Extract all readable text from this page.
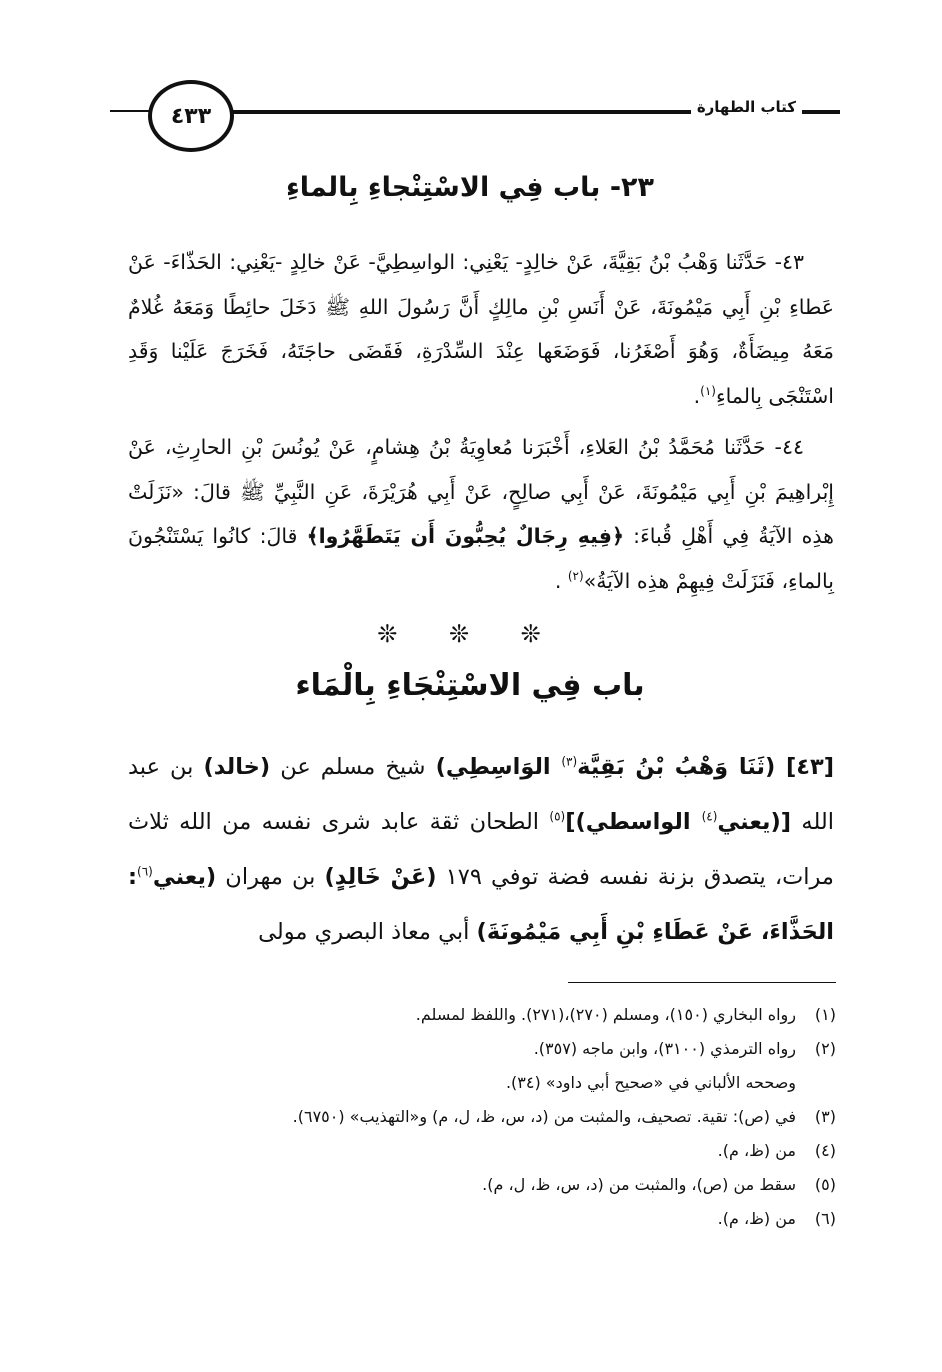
كتاب الطهارة
٤٣٣
٢٣- باب فِي الاسْتِنْجاءِ بِالماءِ
٤٣- حَدَّثَنا وَهْبُ بْنُ بَقِيَّةَ، عَنْ خالِدٍ- يَعْنِي: الواسِطِيَّ- عَنْ خالِدٍ -يَعْنِي: الحَذّاءَ- عَنْ عَطاءِ بْنِ أَبِي مَيْمُونَةَ، عَنْ أَنَسِ بْنِ مالِكٍ أَنَّ رَسُولَ اللهِ ﷺ دَخَلَ حائِطًا وَمَعَهُ غُلامٌ مَعَهُ مِيضَأَةٌ، وَهُوَ أَصْغَرُنا، فَوَضَعَها عِنْدَ السِّدْرَةِ، فَقَضَى حاجَتَهُ، فَخَرَجَ عَلَيْنا وَقَدِ اسْتَنْجَى بِالماءِ$^{(١)}$.
٤٤- حَدَّثَنا مُحَمَّدُ بْنُ العَلاءِ، أَخْبَرَنا مُعاوِيَةُ بْنُ هِشامٍ، عَنْ يُونُسَ بْنِ الحارِثِ، عَنْ إِبْراهِيمَ بْنِ أَبِي مَيْمُونَةَ، عَنْ أَبِي صالِحٍ، عَنْ أَبِي هُرَيْرَةَ، عَنِ النَّبِيِّ ﷺ قالَ: «نَزَلَتْ هذِه الآيَةُ فِي أَهْلِ قُباءَ: ﴿فِيهِ رِجَالٌ يُحِبُّونَ أَن يَتَطَهَّرُوا﴾ قالَ: كانُوا يَسْتَنْجُونَ بِالماءِ، فَنَزَلَتْ فِيهِمْ هذِه الآيَةُ»$^{(٢)}$ .
❊ ❊ ❊
باب فِي الاسْتِنْجَاءِ بِالْمَاء
[٤٣] (ثَنَا وَهْبُ بْنُ بَقِيَّة$^{(٣)}$ الوَاسِطِي) شيخ مسلم عن (خالد) بن عبد الله [(يعني$^{(٤)}$ الواسطي)]$^{(٥)}$ الطحان ثقة عابد شرى نفسه من الله ثلاث مرات، يتصدق بزنة نفسه فضة توفي ١٧٩ (عَنْ خَالِدٍ) بن مهران (يعني$^{(٦)}$: الحَذَّاءَ، عَنْ عَطَاءِ بْنِ أَبِي مَيْمُونَةَ) أبي معاذ البصري مولى
(١)
رواه البخاري (١٥٠)، ومسلم (٢٧٠)،(٢٧١). واللفظ لمسلم.
(٢)
رواه الترمذي (٣١٠٠)، وابن ماجه (٣٥٧).
وصححه الألباني في «صحيح أبي داود» (٣٤).
(٣)
في (ص): تقية. تصحيف، والمثبت من (د، س، ظ، ل، م) و«التهذيب» (٦٧٥٠).
(٤)
من (ظ، م).
(٥)
سقط من (ص)، والمثبت من (د، س، ظ، ل، م).
(٦)
من (ظ، م).
